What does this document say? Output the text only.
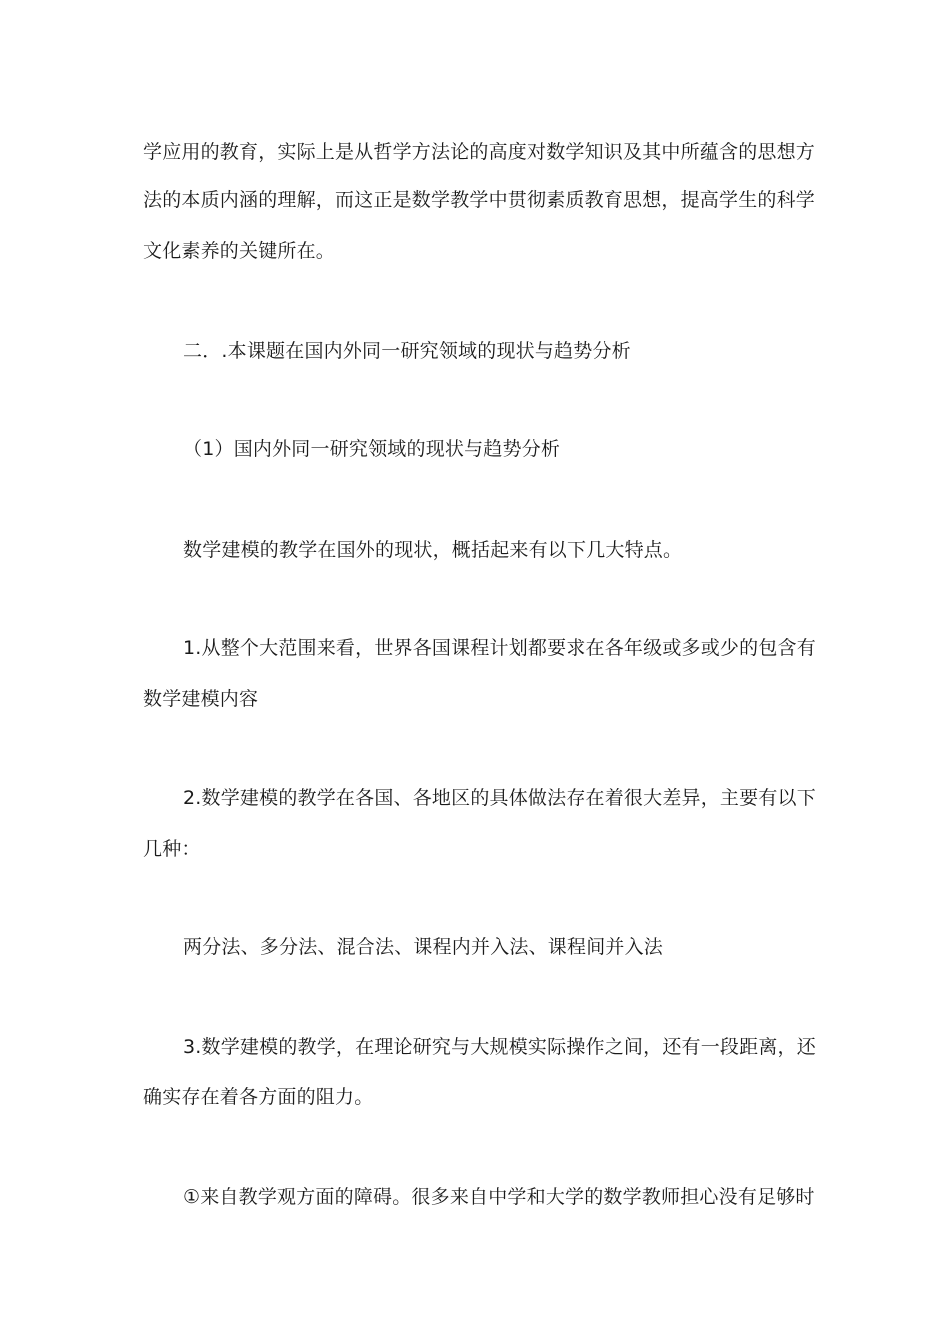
学应用的教育，实际上是从哲学方法论的高度对数学知识及其中所蕴含的思想方
法的本质内涵的理解，而这正是数学教学中贯彻素质教育思想，提高学生的科学
文化素养的关键所在。
二．.本课题在国内外同一研究领域的现状与趋势分析
（1）国内外同一研究领域的现状与趋势分析
数学建模的教学在国外的现状，概括起来有以下几大特点。
1.从整个大范围来看，世界各国课程计划都要求在各年级或多或少的包含有
数学建模内容
2.数学建模的教学在各国、各地区的具体做法存在着很大差异，主要有以下
几种：
两分法、多分法、混合法、课程内并入法、课程间并入法
3.数学建模的教学，在理论研究与大规模实际操作之间，还有一段距离，还
确实存在着各方面的阻力。
①来自教学观方面的障碍。很多来自中学和大学的数学教师担心没有足够时
